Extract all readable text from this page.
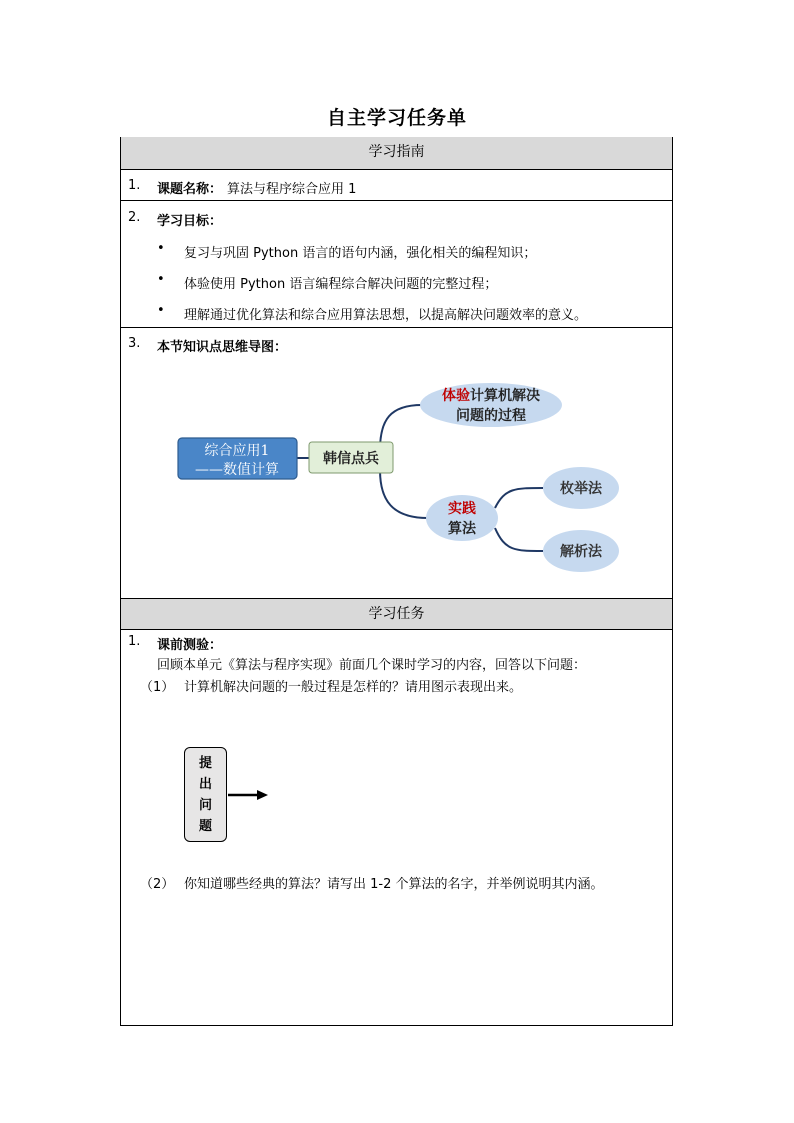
自主学习任务单
学习指南
1. 课题名称： 算法与程序综合应用 1
2. 学习目标：
• 复习与巩固 Python 语言的语句内涵，强化相关的编程知识；
• 体验使用 Python 语言编程综合解决问题的完整过程；
• 理解通过优化算法和综合应用算法思想，以提高解决问题效率的意义。
3. 本节知识点思维导图：
综合应用1
——数值计算
韩信点兵
体验计算机解决
问题的过程
实践
算法
枚举法
解析法
学习任务
1. 课前测验：
回顾本单元《算法与程序实现》前面几个课时学习的内容，回答以下问题：
（1） 计算机解决问题的一般过程是怎样的？请用图示表现出来。
提
出
问
题
（2） 你知道哪些经典的算法？请写出 1-2 个算法的名字，并举例说明其内涵。
